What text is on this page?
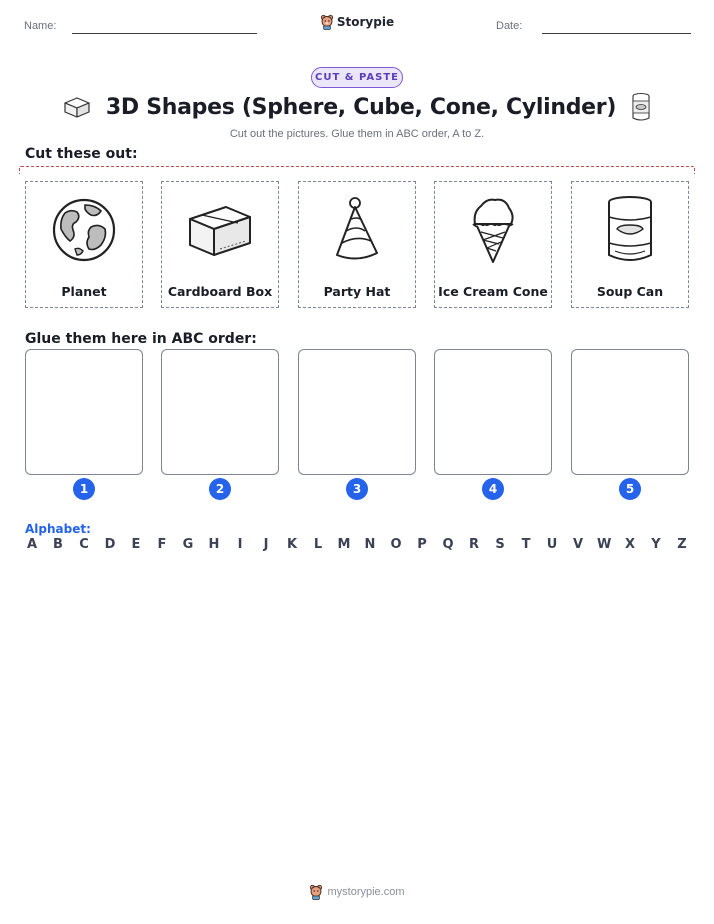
Name:	Storypie	Date:
CUT & PASTE
3D Shapes (Sphere, Cube, Cone, Cylinder)
Cut out the pictures. Glue them in ABC order, A to Z.
Cut these out:
Planet	Cardboard Box	Party Hat	Ice Cream Cone	Soup Can
Glue them here in ABC order:
1	2	3	4	5
Alphabet:
A B C D E F G H	I	J	K L M N O P Q R S T U V W X Y Z
mystorypie.com
